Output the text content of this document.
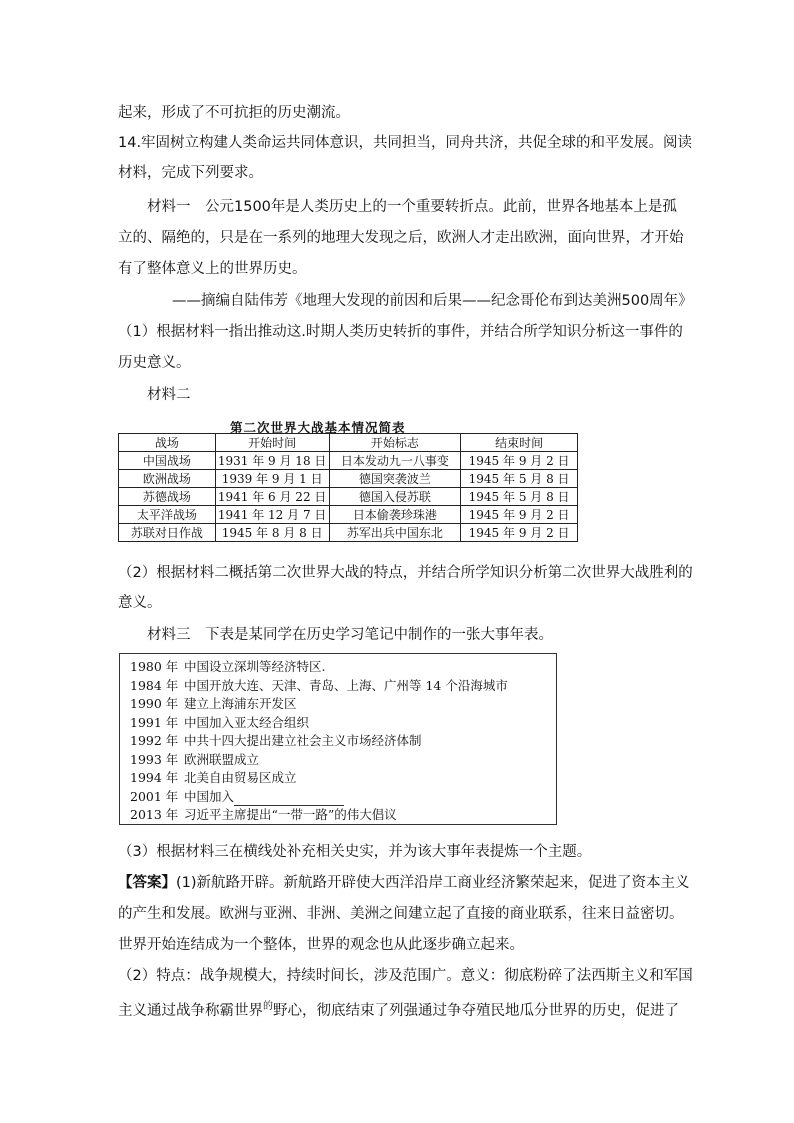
起来，形成了不可抗拒的历史潮流。
14.牢固树立构建人类命运共同体意识，共同担当，同舟共济，共促全球的和平发展。阅读
材料，完成下列要求。
材料一　公元1500年是人类历史上的一个重要转折点。此前，世界各地基本上是孤
立的、隔绝的，只是在一系列的地理大发现之后，欧洲人才走出欧洲，面向世界，才开始
有了整体意义上的世界历史。
——摘编自陆伟芳《地理大发现的前因和后果——纪念哥伦布到达美洲500周年》
（1）根据材料一指出推动这.时期人类历史转折的事件，并结合所学知识分析这一事件的
历史意义。
材料二
第二次世界大战基本情况简表
战场	开始时间	开始标志	结束时间
中国战场	1931 年 9 月 18 日	日本发动九一八事变	1945 年 9 月 2 日
欧洲战场	1939 年 9 月 1 日	德国突袭波兰	1945 年 5 月 8 日
苏德战场	1941 年 6 月 22 日	德国入侵苏联	1945 年 5 月 8 日
太平洋战场	1941 年 12 月 7 日	日本偷袭珍珠港	1945 年 9 月 2 日
苏联对日作战	1945 年 8 月 8 日	苏军出兵中国东北	1945 年 9 月 2 日
（2）根据材料二概括第二次世界大战的特点，并结合所学知识分析第二次世界大战胜利的
意义。
材料三　下表是某同学在历史学习笔记中制作的一张大事年表。
1980 年 中国设立深圳等经济特区.
1984 年 中国开放大连、天津、青岛、上海、广州等 14 个沿海城市
1990 年 建立上海浦东开发区
1991 年 中国加入亚太经合组织
1992 年 中共十四大提出建立社会主义市场经济体制
1993 年 欧洲联盟成立
1994 年 北美自由贸易区成立
2001 年 中国加入
2013 年 习近平主席提出“一带一路”的伟大倡议
（3）根据材料三在横线处补充相关史实，并为该大事年表提炼一个主题。
【答案】(1)新航路开辟。新航路开辟使大西洋沿岸工商业经济繁荣起来，促进了资本主义
的产生和发展。欧洲与亚洲、非洲、美洲之间建立起了直接的商业联系，往来日益密切。
世界开始连结成为一个整体，世界的观念也从此逐步确立起来。
（2）特点：战争规模大，持续时间长，涉及范围广。意义：彻底粉碎了法西斯主义和军国
主义通过战争称霸世界$^的$野心，彻底结束了列强通过争夺殖民地瓜分世界的历史，促进了
